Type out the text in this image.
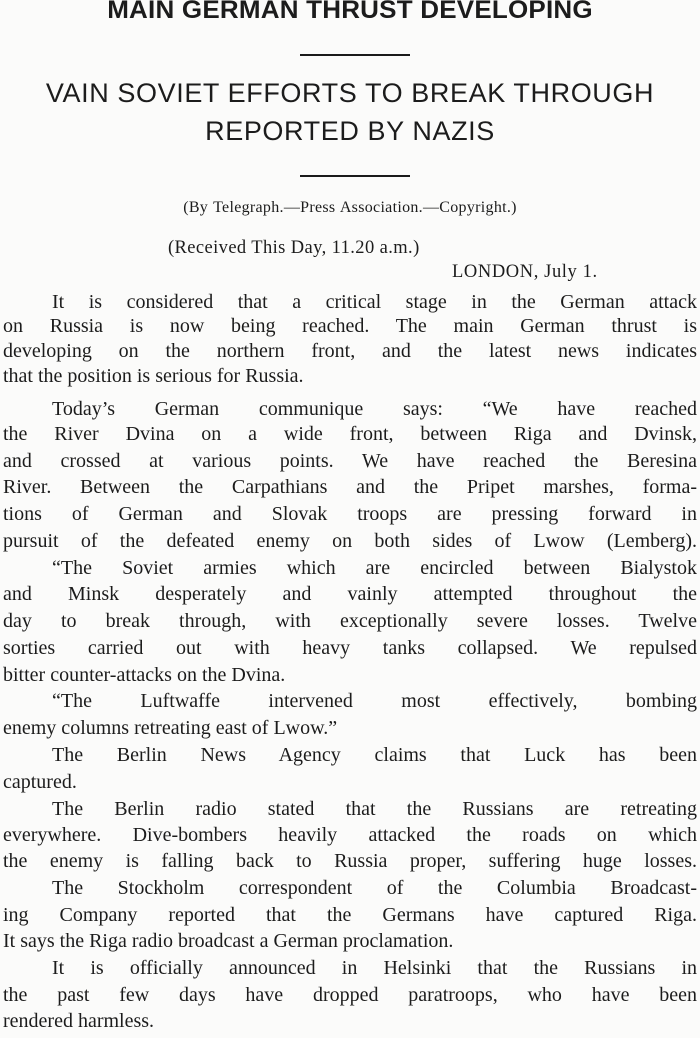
MAIN GERMAN THRUST DEVELOPING
VAIN SOVIET EFFORTS TO BREAK THROUGH
REPORTED BY NAZIS
(By Telegraph.—Press Association.—Copyright.)
(Received This Day, 11.20 a.m.)
LONDON, July 1.
It is considered that a critical stage in the German attack
on Russia is now being reached. The main German thrust is
developing on the northern front, and the latest news indicates
that the position is serious for Russia.
Today’s German communique says: “We have reached
the River Dvina on a wide front, between Riga and Dvinsk,
and crossed at various points. We have reached the Beresina
River. Between the Carpathians and the Pripet marshes, forma-
tions of German and Slovak troops are pressing forward in
pursuit of the defeated enemy on both sides of Lwow (Lemberg).
“The Soviet armies which are encircled between Bialystok
and Minsk desperately and vainly attempted throughout the
day to break through, with exceptionally severe losses. Twelve
sorties carried out with heavy tanks collapsed. We repulsed
bitter counter-attacks on the Dvina.
“The Luftwaffe intervened most effectively, bombing
enemy columns retreating east of Lwow.”
The Berlin News Agency claims that Luck has been
captured.
The Berlin radio stated that the Russians are retreating
everywhere. Dive-bombers heavily attacked the roads on which
the enemy is falling back to Russia proper, suffering huge losses.
The Stockholm correspondent of the Columbia Broadcast-
ing Company reported that the Germans have captured Riga.
It says the Riga radio broadcast a German proclamation.
It is officially announced in Helsinki that the Russians in
the past few days have dropped paratroops, who have been
rendered harmless.
